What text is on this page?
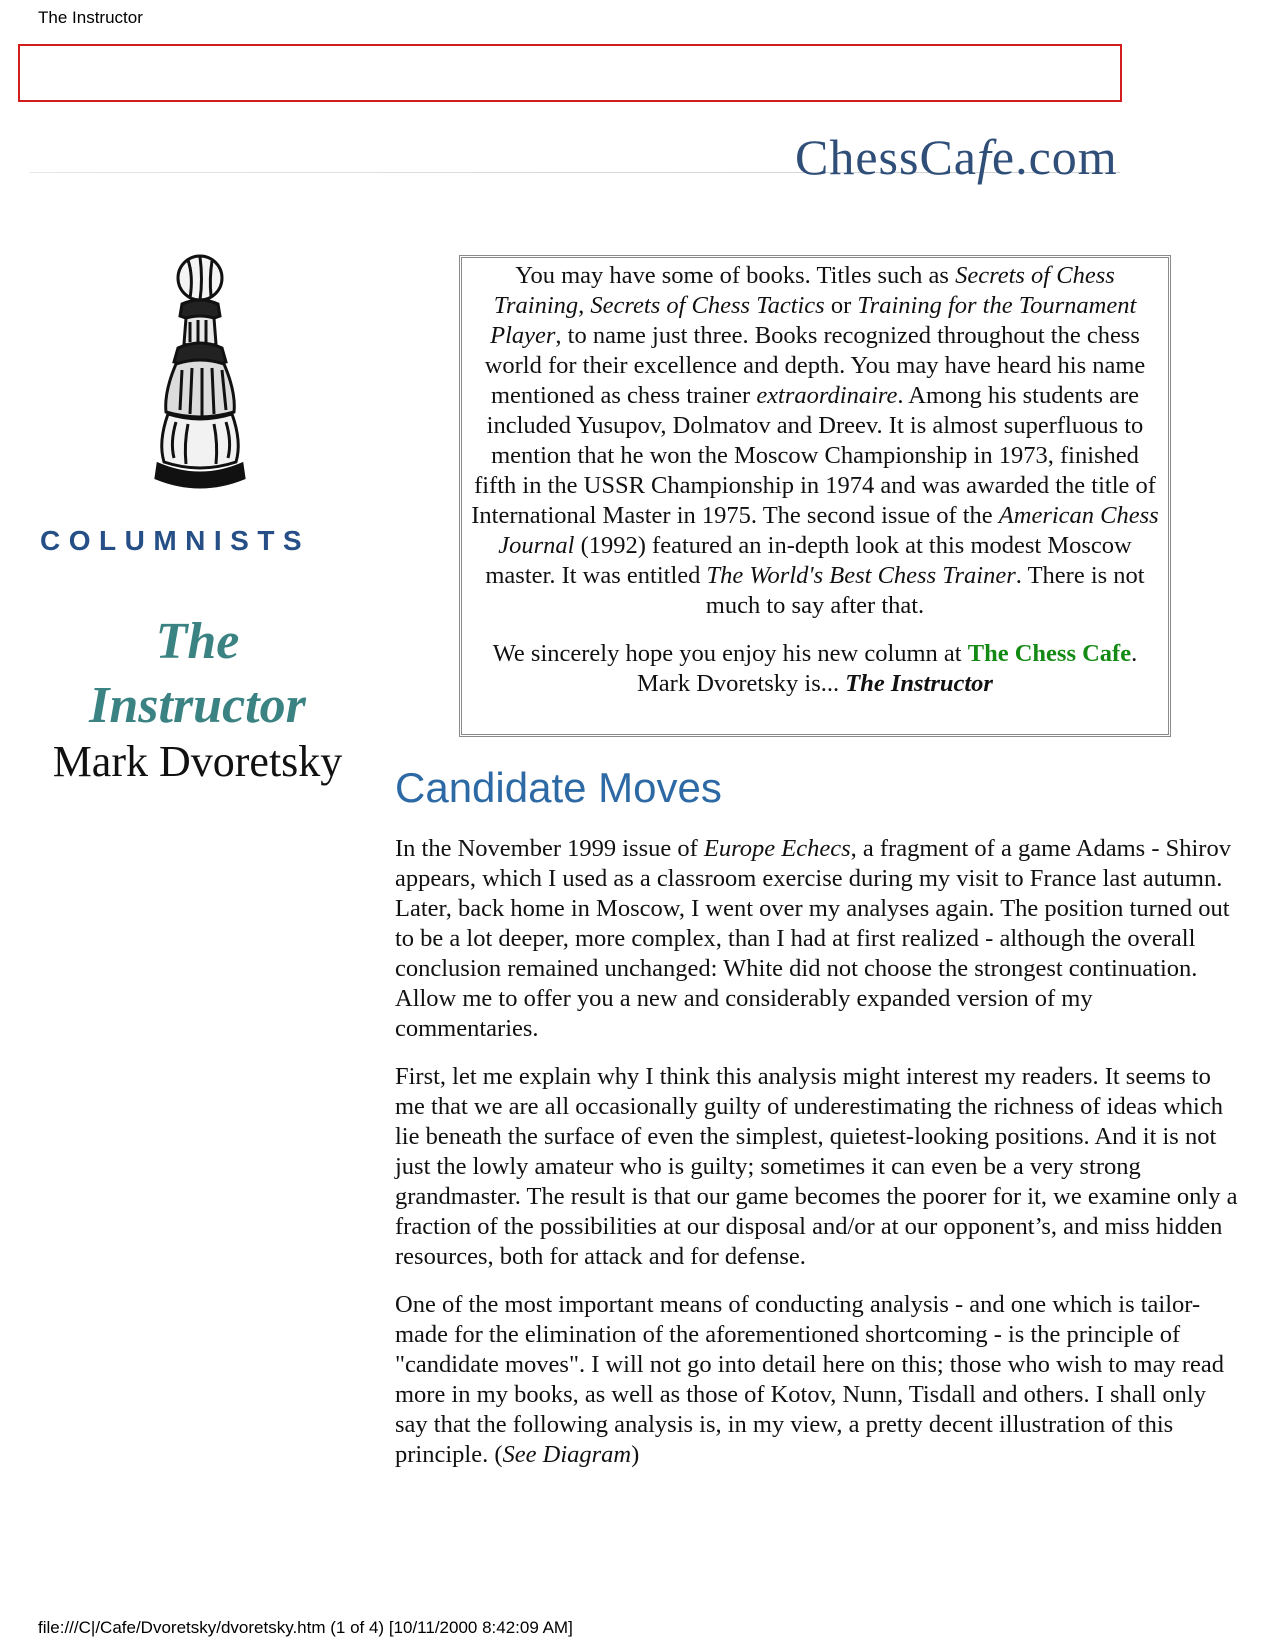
The Instructor
ChessCafe.com
COLUMNISTS
The
Instructor
Mark Dvoretsky

You may have some of books. Titles such as Secrets of Chess Training, Secrets of Chess Tactics or Training for the Tournament Player, to name just three. Books recognized throughout the chess world for their excellence and depth. You may have heard his name mentioned as chess trainer extraordinaire. Among his students are included Yusupov, Dolmatov and Dreev. It is almost superfluous to mention that he won the Moscow Championship in 1973, finished fifth in the USSR Championship in 1974 and was awarded the title of International Master in 1975. The second issue of the American Chess Journal (1992) featured an in-depth look at this modest Moscow master. It was entitled The World's Best Chess Trainer. There is not much to say after that.

We sincerely hope you enjoy his new column at The Chess Cafe. Mark Dvoretsky is... The Instructor

Candidate Moves

In the November 1999 issue of Europe Echecs, a fragment of a game Adams - Shirov appears, which I used as a classroom exercise during my visit to France last autumn. Later, back home in Moscow, I went over my analyses again. The position turned out to be a lot deeper, more complex, than I had at first realized - although the overall conclusion remained unchanged: White did not choose the strongest continuation. Allow me to offer you a new and considerably expanded version of my commentaries.

First, let me explain why I think this analysis might interest my readers. It seems to me that we are all occasionally guilty of underestimating the richness of ideas which lie beneath the surface of even the simplest, quietest-looking positions. And it is not just the lowly amateur who is guilty; sometimes it can even be a very strong grandmaster. The result is that our game becomes the poorer for it, we examine only a fraction of the possibilities at our disposal and/or at our opponent’s, and miss hidden resources, both for attack and for defense.

One of the most important means of conducting analysis - and one which is tailor-made for the elimination of the aforementioned shortcoming - is the principle of "candidate moves". I will not go into detail here on this; those who wish to may read more in my books, as well as those of Kotov, Nunn, Tisdall and others. I shall only say that the following analysis is, in my view, a pretty decent illustration of this principle. (See Diagram)

file:///C|/Cafe/Dvoretsky/dvoretsky.htm (1 of 4) [10/11/2000 8:42:09 AM]
